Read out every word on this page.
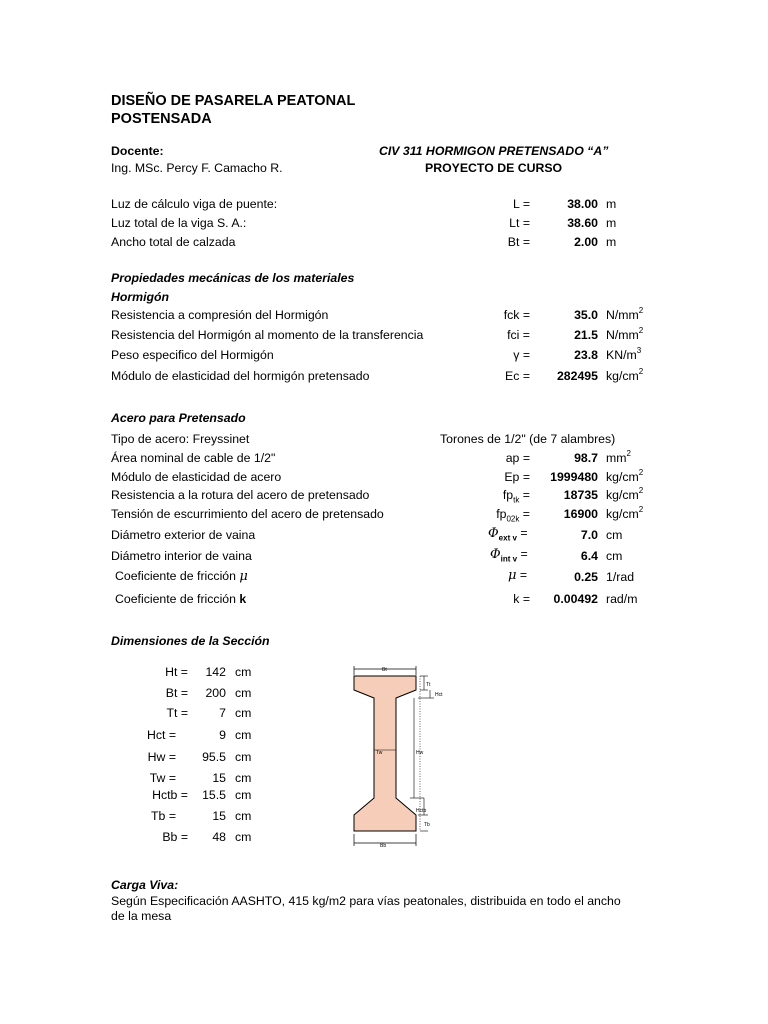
DISEÑO DE PASARELA PEATONAL
POSTENSADA
Docente:
Ing. MSc. Percy F. Camacho R.
CIV 311 HORMIGON PRETENSADO “A”
PROYECTO DE CURSO
Luz de cálculo viga de puente:	L =	38.00 m
Luz total de la viga S. A.:	Lt =	38.60 m
Ancho total de calzada	Bt =	2.00 m
Propiedades mecánicas de los materiales
Hormigón
Resistencia a compresión del Hormigón	fck =	35.0 $N/mm^2$
Resistencia del Hormigón al momento de la transferencia	fci =	21.5 $N/mm^2$
Peso especifico del Hormigón	γ =	23.8 $KN/m^3$
Módulo de elasticidad del hormigón pretensado	Ec =	282495 $kg/cm^2$
Acero para Pretensado
Tipo de acero: Freyssinet	Torones de 1/2" (de 7 alambres)
Área nominal de cable de 1/2"	ap =	98.7 $mm^2$
Módulo de elasticidad de acero	Ep =	1999480 $kg/cm^2$
Resistencia a la rotura del acero de pretensado	$fp_{tk}$ =	18735 $kg/cm^2$
Tensión de escurrimiento del acero de pretensado	$fp_{02k}$ =	16900 $kg/cm^2$
Diámetro exterior de vaina	$\Phi_{ext v}$ =	7.0 cm
Diámetro interior de vaina	$\Phi_{int v}$ =	6.4 cm
Coeficiente de fricción μ	μ =	0.25 1/rad
Coeficiente de fricción k	k =	0.00492 rad/m
Dimensiones de la Sección
Ht =	142 cm
Bt =	200 cm
Tt =	7 cm
Hct =	9 cm
Hw =	95.5 cm
Tw =	15 cm
Hctb =	15.5 cm
Tb =	15 cm
Bb =	48 cm
Bt
Tt
Hct
Hw
Tw
Hctb
Tb
Bb
Carga Viva:
Según Especificación AASHTO, 415 kg/m2 para vías peatonales, distribuida en todo el ancho
de la mesa
